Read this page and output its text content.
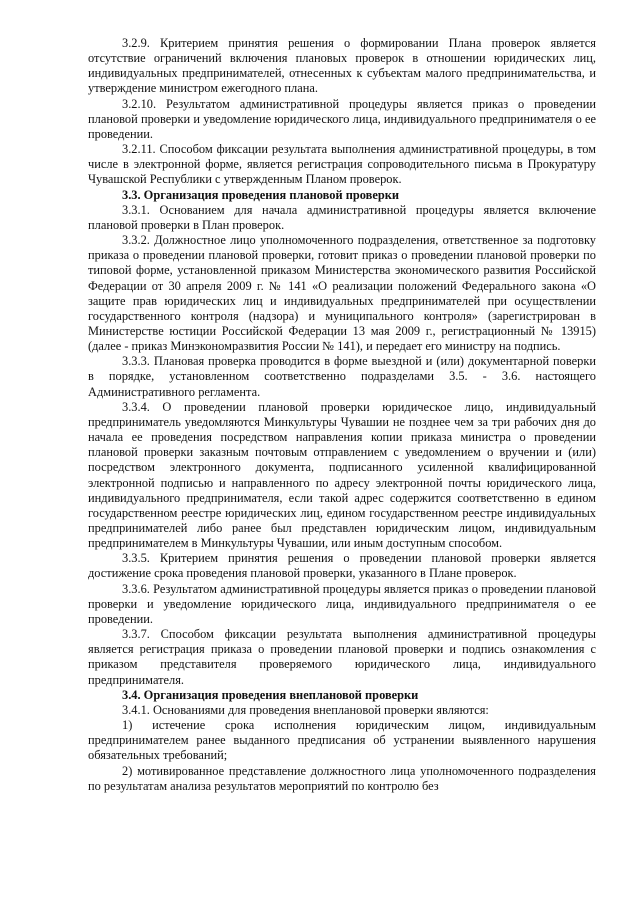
3.2.9. Критерием принятия решения о формировании Плана проверок является отсутствие ограничений включения плановых проверок в отношении юридических лиц, индивидуальных предпринимателей, отнесенных к субъектам малого предпринимательства, и утверждение министром ежегодного плана.

3.2.10. Результатом административной процедуры является приказ о проведении плановой проверки и уведомление юридического лица, индивидуального предпринимателя о ее проведении.

3.2.11. Способом фиксации результата выполнения административной процедуры, в том числе в электронной форме, является регистрация сопроводительного письма в Прокуратуру Чувашской Республики с утвержденным Планом проверок.

3.3. Организация проведения плановой проверки

3.3.1. Основанием для начала административной процедуры является включение плановой проверки в План проверок.

3.3.2. Должностное лицо уполномоченного подразделения, ответственное за подготовку приказа о проведении плановой проверки, готовит приказ о проведении плановой проверки по типовой форме, установленной приказом Министерства экономического развития Российской Федерации от 30 апреля 2009 г. № 141 «О реализации положений Федерального закона «О защите прав юридических лиц и индивидуальных предпринимателей при осуществлении государственного контроля (надзора) и муниципального контроля» (зарегистрирован в Министерстве юстиции Российской Федерации 13 мая 2009 г., регистрационный № 13915) (далее - приказ Минэкономразвития России № 141), и передает его министру на подпись.

3.3.3. Плановая проверка проводится в форме выездной и (или) документарной поверки в порядке, установленном соответственно подразделами 3.5. - 3.6. настоящего Административного регламента.

3.3.4. О проведении плановой проверки юридическое лицо, индивидуальный предприниматель уведомляются Минкультуры Чувашии не позднее чем за три рабочих дня до начала ее проведения посредством направления копии приказа министра о проведении плановой проверки заказным почтовым отправлением с уведомлением о вручении и (или) посредством электронного документа, подписанного усиленной квалифицированной электронной подписью и направленного по адресу электронной почты юридического лица, индивидуального предпринимателя, если такой адрес содержится соответственно в едином государственном реестре юридических лиц, едином государственном реестре индивидуальных предпринимателей либо ранее был представлен юридическим лицом, индивидуальным предпринимателем в Минкультуры Чувашии, или иным доступным способом.

3.3.5. Критерием принятия решения о проведении плановой проверки является достижение срока проведения плановой проверки, указанного в Плане проверок.

3.3.6. Результатом административной процедуры является приказ о проведении плановой проверки и уведомление юридического лица, индивидуального предпринимателя о ее проведении.

3.3.7. Способом фиксации результата выполнения административной процедуры является регистрация приказа о проведении плановой проверки и подпись ознакомления с приказом представителя проверяемого юридического лица, индивидуального предпринимателя.

3.4. Организация проведения внеплановой проверки

3.4.1. Основаниями для проведения внеплановой проверки являются:

1) истечение срока исполнения юридическим лицом, индивидуальным предпринимателем ранее выданного предписания об устранении выявленного нарушения обязательных требований;

2) мотивированное представление должностного лица уполномоченного подразделения по результатам анализа результатов мероприятий по контролю без
